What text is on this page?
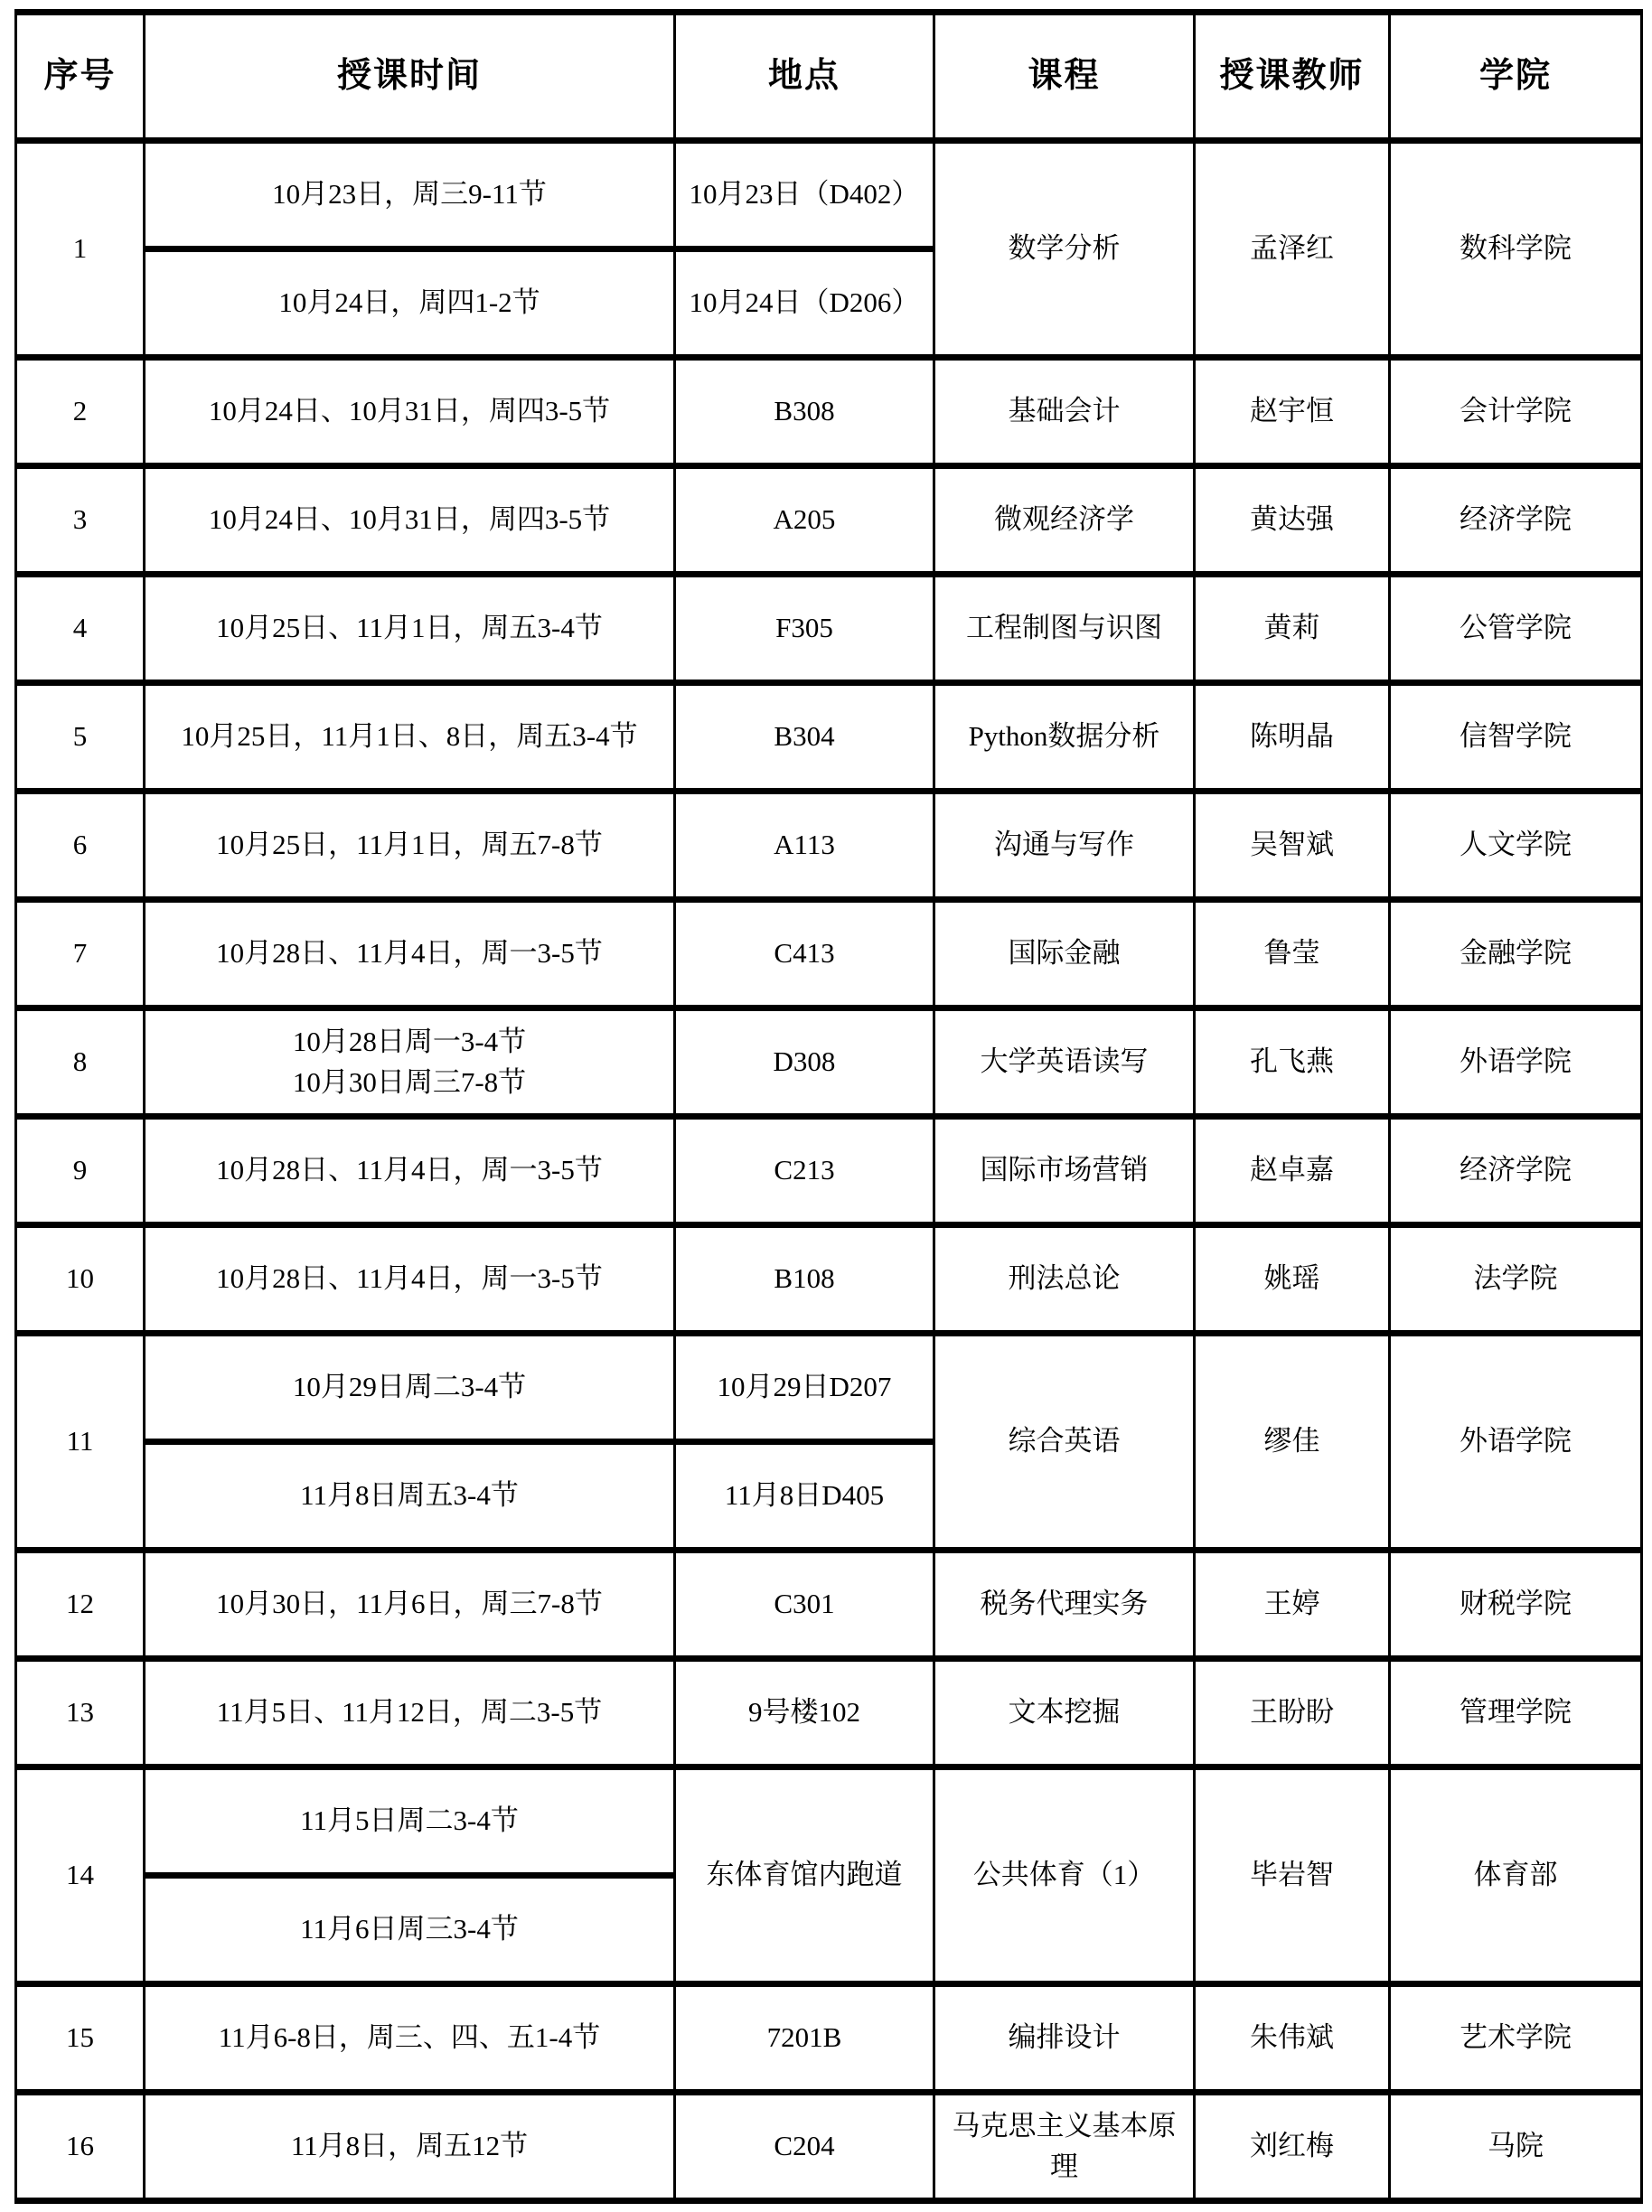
序号	授课时间	地点	课程	授课教师	学院
1	10月23日，周三9-11节	10月23日（D402）	数学分析	孟泽红	数科学院
	10月24日，周四1-2节	10月24日（D206）			
2	10月24日、10月31日，周四3-5节	B308	基础会计	赵宇恒	会计学院
3	10月24日、10月31日，周四3-5节	A205	微观经济学	黄达强	经济学院
4	10月25日、11月1日，周五3-4节	F305	工程制图与识图	黄莉	公管学院
5	10月25日，11月1日、8日，周五3-4节	B304	Python数据分析	陈明晶	信智学院
6	10月25日，11月1日，周五7-8节	A113	沟通与写作	吴智斌	人文学院
7	10月28日、11月4日，周一3-5节	C413	国际金融	鲁莹	金融学院
8	10月28日周一3-4节
10月30日周三7-8节	D308	大学英语读写	孔飞燕	外语学院
9	10月28日、11月4日，周一3-5节	C213	国际市场营销	赵卓嘉	经济学院
10	10月28日、11月4日，周一3-5节	B108	刑法总论	姚瑶	法学院
11	10月29日周二3-4节	10月29日D207	综合英语	缪佳	外语学院
	11月8日周五3-4节	11月8日D405			
12	10月30日，11月6日，周三7-8节	C301	税务代理实务	王婷	财税学院
13	11月5日、11月12日，周二3-5节	9号楼102	文本挖掘	王盼盼	管理学院
14	11月5日周二3-4节	东体育馆内跑道	公共体育（1）	毕岩智	体育部
	11月6日周三3-4节				
15	11月6-8日，周三、四、五1-4节	7201B	编排设计	朱伟斌	艺术学院
16	11月8日，周五12节	C204	马克思主义基本原理	刘红梅	马院
